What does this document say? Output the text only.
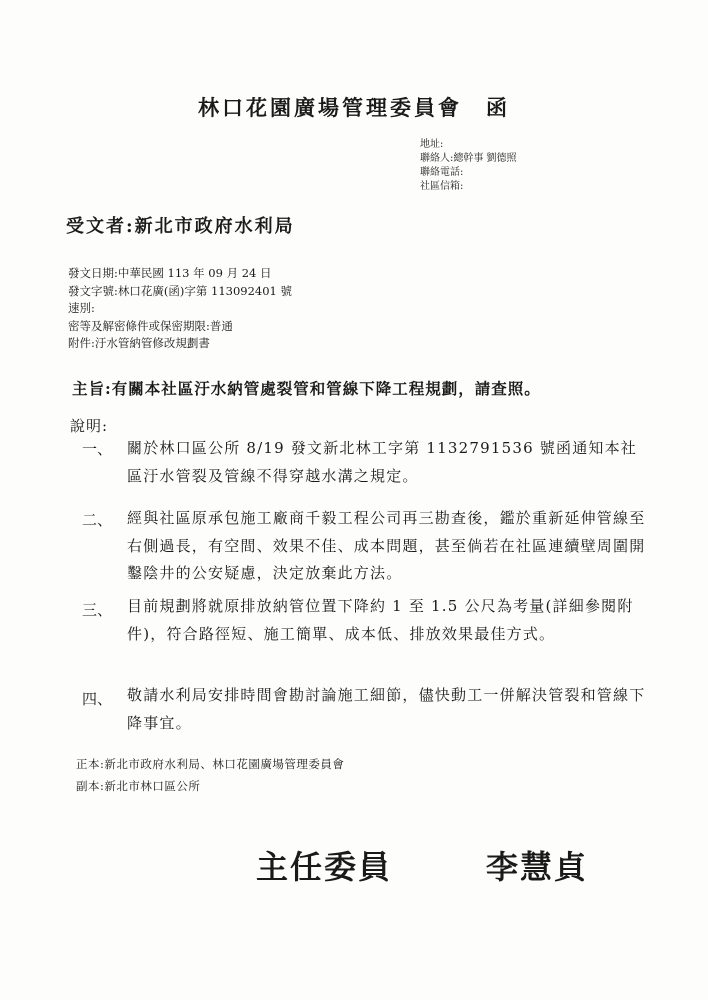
林口花園廣場管理委員會　函
地址:
聯絡人:總幹事 劉德照
聯絡電話:
社區信箱:
受文者:新北市政府水利局
發文日期:中華民國 113 年 09 月 24 日
發文字號:林口花廣(函)字第 113092401 號
速別:
密等及解密條件或保密期限:普通
附件:汙水管納管修改規劃書
主旨:有關本社區汙水納管處裂管和管線下降工程規劃，請查照。
說明:
一、 關於林口區公所 8/19 發文新北林工字第 1132791536 號函通知本社區汙水管裂及管線不得穿越水溝之規定。
二、 經與社區原承包施工廠商千毅工程公司再三勘查後，鑑於重新延伸管線至右側過長，有空間、效果不佳、成本問題，甚至倘若在社區連續壁周圍開鑿陰井的公安疑慮，決定放棄此方法。
三、 目前規劃將就原排放納管位置下降約 1 至 1.5 公尺為考量(詳細參閱附件)，符合路徑短、施工簡單、成本低、排放效果最佳方式。
四、 敬請水利局安排時間會勘討論施工細節，儘快動工一併解決管裂和管線下降事宜。
正本:新北市政府水利局、林口花園廣場管理委員會
副本:新北市林口區公所
主任委員	李慧貞
